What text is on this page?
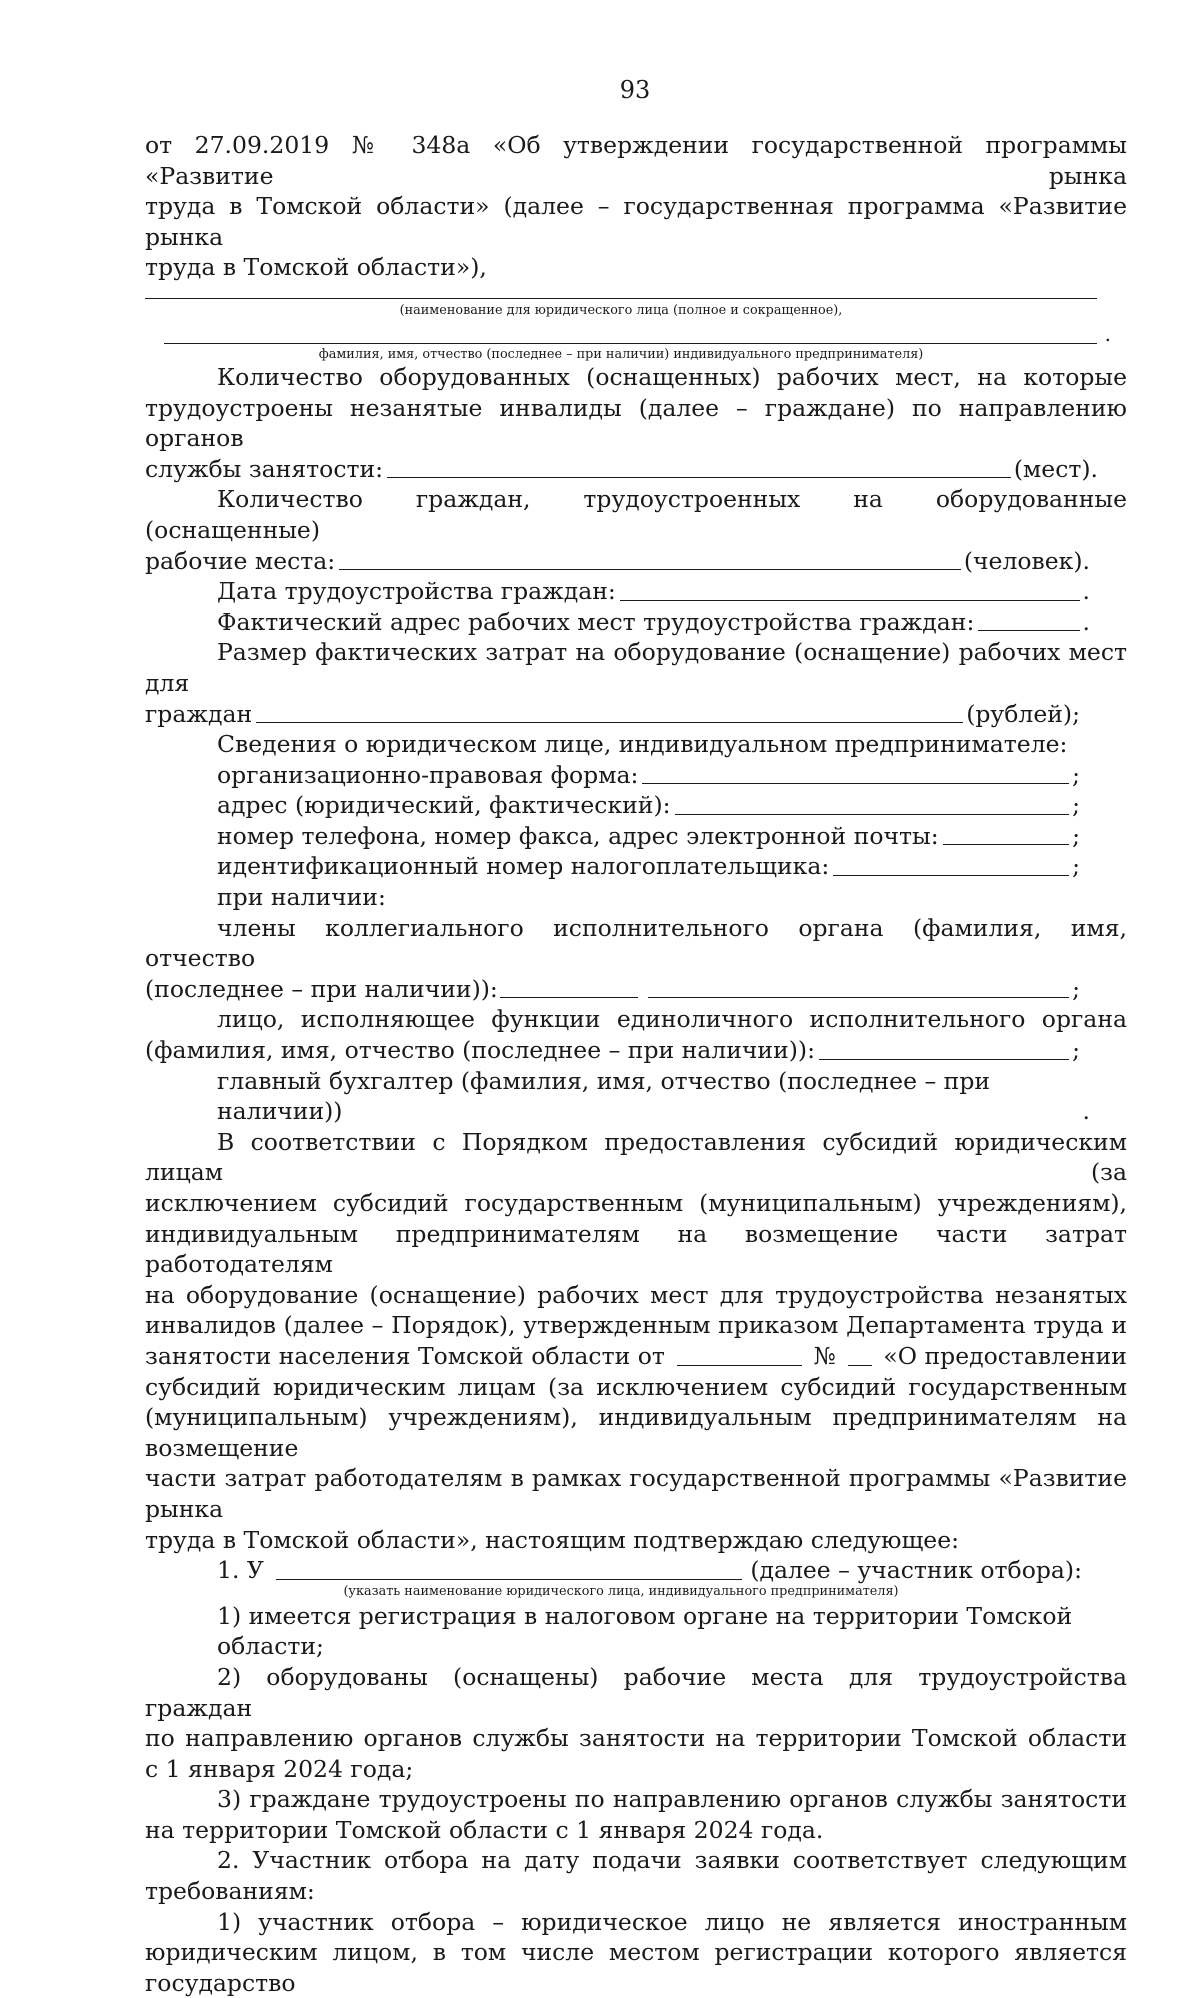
93

от 27.09.2019 № 348а «Об утверждении государственной программы «Развитие рынка

труда в Томской области» (далее – государственная программа «Развитие рынка

труда в Томской области»),

(наименование для юридического лица (полное и сокращенное),
.
фамилия, имя, отчество (последнее – при наличии) индивидуального предпринимателя)

Количество оборудованных (оснащенных) рабочих мест, на которые

трудоустроены незанятые инвалиды (далее – граждане) по направлению органов

службы занятости:	(мест).

Количество граждан, трудоустроенных на оборудованные (оснащенные)

рабочие места:	(человек).
Дата трудоустройства граждан:	.
Фактический адрес рабочих мест трудоустройства граждан:	.

Размер фактических затрат на оборудование (оснащение) рабочих мест для

граждан	(рублей);

Сведения о юридическом лице, индивидуальном предпринимателе:

организационно-правовая форма:	;
адрес (юридический, фактический):	;
номер телефона, номер факса, адрес электронной почты:	;
идентификационный номер налогоплательщика:	;

при наличии:

члены коллегиального исполнительного органа (фамилия, имя, отчество

(последнее – при наличии)):	;

лицо, исполняющее функции единоличного исполнительного органа

(фамилия, имя, отчество (последнее – при наличии)):	;
главный бухгалтер (фамилия, имя, отчество (последнее – при наличии))	.

В соответствии с Порядком предоставления субсидий юридическим лицам (за

исключением субсидий государственным (муниципальным) учреждениям),

индивидуальным предпринимателям на возмещение части затрат работодателям

на оборудование (оснащение) рабочих мест для трудоустройства незанятых

инвалидов (далее – Порядок), утвержденным приказом Департамента труда и

занятости населения Томской области от	№ «О предоставлении

субсидий юридическим лицам (за исключением субсидий государственным

(муниципальным) учреждениям), индивидуальным предпринимателям на возмещение

части затрат работодателям в рамках государственной программы «Развитие рынка

труда в Томской области», настоящим подтверждаю следующее:

1. У	(далее – участник отбора):
(указать наименование юридического лица, индивидуального предпринимателя)

1) имеется регистрация в налоговом органе на территории Томской области;

2) оборудованы (оснащены) рабочие места для трудоустройства граждан

по направлению органов службы занятости на территории Томской области

с 1 января 2024 года;

3) граждане трудоустроены по направлению органов службы занятости

на территории Томской области с 1 января 2024 года.

2. Участник отбора на дату подачи заявки соответствует следующим

требованиям:

1) участник отбора – юридическое лицо не является иностранным

юридическим лицом, в том числе местом регистрации которого является государство
